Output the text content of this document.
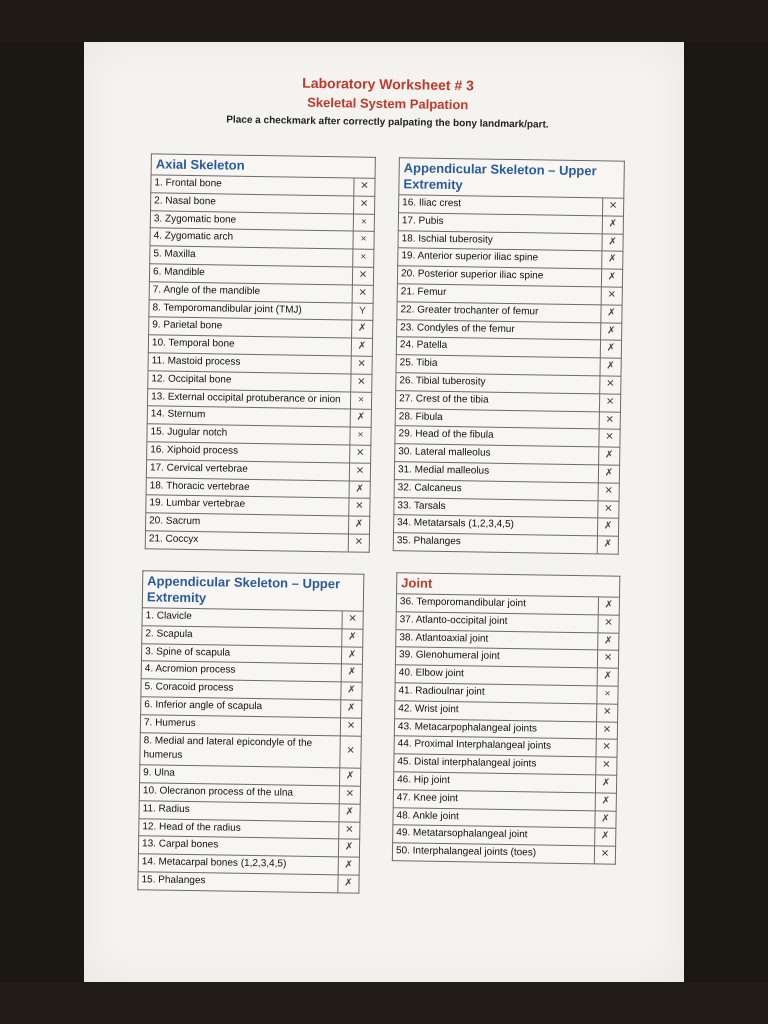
Laboratory Worksheet # 3
Skeletal System Palpation
Place a checkmark after correctly palpating the bony landmark/part.
Axial Skeleton	
1. Frontal bone	✕
2. Nasal bone	✕
3. Zygomatic bone	×
4. Zygomatic arch	×
5. Maxilla	×
6. Mandible	✕
7. Angle of the mandible	✕
8. Temporomandibular joint (TMJ)	Y
9. Parietal bone	✗
10. Temporal bone	✗
11. Mastoid process	✕
12. Occipital bone	✕
13. External occipital protuberance or inion	×
14. Sternum	✗
15. Jugular notch	×
16. Xiphoid process	✕
17. Cervical vertebrae	✕
18. Thoracic vertebrae	✗
19. Lumbar vertebrae	✕
20. Sacrum	✗
21. Coccyx	✕
Appendicular Skeleton – Upper Extremity	
16. Iliac crest	✕
17. Pubis	✗
18. Ischial tuberosity	✗
19. Anterior superior iliac spine	✗
20. Posterior superior iliac spine	✗
21. Femur	✕
22. Greater trochanter of femur	✗
23. Condyles of the femur	✗
24. Patella	✗
25. Tibia	✗
26. Tibial tuberosity	✕
27. Crest of the tibia	✕
28. Fibula	✕
29. Head of the fibula	✕
30. Lateral malleolus	✗
31. Medial malleolus	✗
32. Calcaneus	✕
33. Tarsals	✕
34. Metatarsals (1,2,3,4,5)	✗
35. Phalanges	✗
Appendicular Skeleton – Upper Extremity	
1. Clavicle	✕
2. Scapula	✗
3. Spine of scapula	✗
4. Acromion process	✗
5. Coracoid process	✗
6. Inferior angle of scapula	✗
7. Humerus	✕
8. Medial and lateral epicondyle of the humerus	✕
9. Ulna	✗
10. Olecranon process of the ulna	✕
11. Radius	✗
12. Head of the radius	✕
13. Carpal bones	✗
14. Metacarpal bones (1,2,3,4,5)	✗
15. Phalanges	✗
Joint	
36. Temporomandibular joint	✗
37. Atlanto-occipital joint	✕
38. Atlantoaxial joint	✗
39. Glenohumeral joint	✕
40. Elbow joint	✗
41. Radioulnar joint	×
42. Wrist joint	✕
43. Metacarpophalangeal joints	✕
44. Proximal Interphalangeal joints	✕
45. Distal interphalangeal joints	✕
46. Hip joint	✗
47. Knee joint	✗
48. Ankle joint	✗
49. Metatarsophalangeal joint	✗
50. Interphalangeal joints (toes)	✕
